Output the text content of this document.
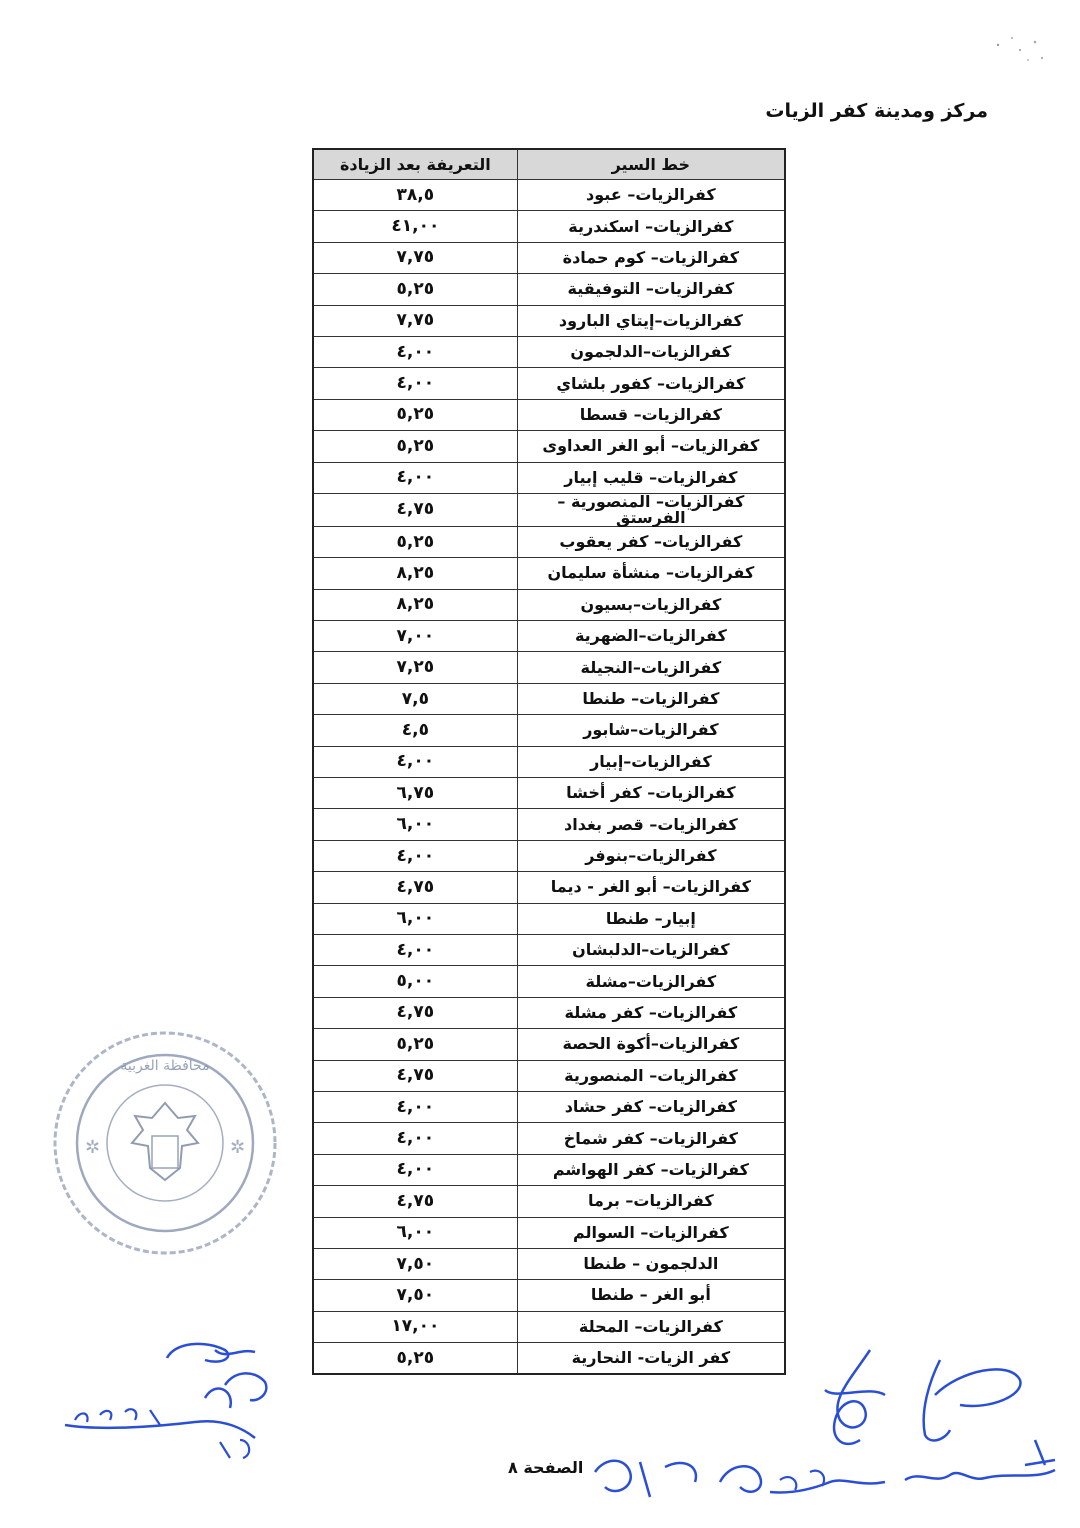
مركز ومدينة كفر الزيات
خط السير	التعريفة بعد الزيادة
كفرالزيات– عبود	٣٨,٥
كفرالزيات– اسكندرية	٤١,٠٠
كفرالزيات– كوم حمادة	٧,٧٥
كفرالزيات– التوفيقية	٥,٢٥
كفرالزيات–إيتاي البارود	٧,٧٥
كفرالزيات–الدلجمون	٤,٠٠
كفرالزيات– كفور بلشاي	٤,٠٠
كفرالزيات– قسطا	٥,٢٥
كفرالزيات– أبو الغر العداوى	٥,٢٥
كفرالزيات– قليب إبيار	٤,٠٠
كفرالزيات– المنصورية –الفرستق	٤,٧٥
كفرالزيات– كفر يعقوب	٥,٢٥
كفرالزيات– منشأة سليمان	٨,٢٥
كفرالزيات–بسيون	٨,٢٥
كفرالزيات–الضهرية	٧,٠٠
كفرالزيات–النجيلة	٧,٢٥
كفرالزيات– طنطا	٧,٥
كفرالزيات–شابور	٤,٥
كفرالزيات–إبيار	٤,٠٠
كفرالزيات– كفر أخشا	٦,٧٥
كفرالزيات– قصر بغداد	٦,٠٠
كفرالزيات–بنوفر	٤,٠٠
كفرالزيات– أبو الغر - ديما	٤,٧٥
إبيار– طنطا	٦,٠٠
كفرالزيات–الدلبشان	٤,٠٠
كفرالزيات–مشلة	٥,٠٠
كفرالزيات– كفر مشلة	٤,٧٥
كفرالزيات–أكوة الحصة	٥,٢٥
كفرالزيات– المنصورية	٤,٧٥
كفرالزيات– كفر حشاد	٤,٠٠
كفرالزيات– كفر شماخ	٤,٠٠
كفرالزيات– كفر الهواشم	٤,٠٠
كفرالزيات– برما	٤,٧٥
كفرالزيات– السوالم	٦,٠٠
الدلجمون – طنطا	٧,٥٠
أبو الغر – طنطا	٧,٥٠
كفرالزيات– المحلة	١٧,٠٠
كفر الزيات- النحارية	٥,٢٥
الصفحة ٨
محافظة الغربية
✲	✲
